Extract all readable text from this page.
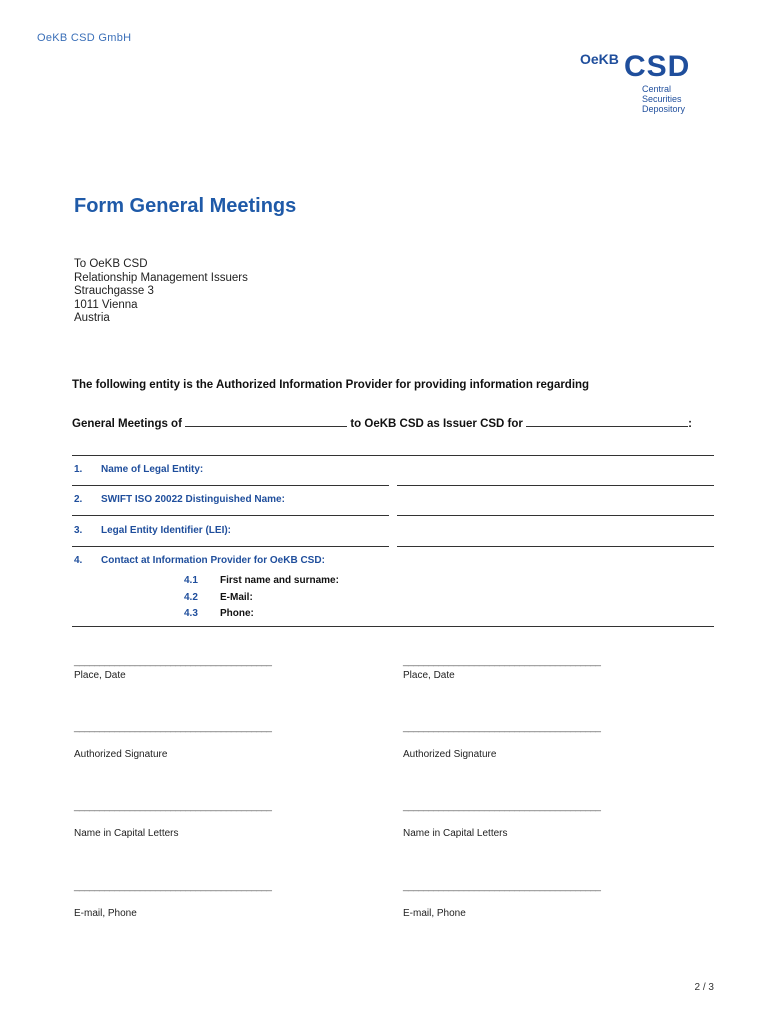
OeKB CSD GmbH
OeKB CSD
Central
Securities
Depository
Form General Meetings
To OeKB CSD
Relationship Management Issuers
Strauchgasse 3
1011 Vienna
Austria
The following entity is the Authorized Information Provider for providing information regarding
General Meetings of	to OeKB CSD as Issuer CSD for	:
1. Name of Legal Entity:
2. SWIFT ISO 20022 Distinguished Name:
3. Legal Entity Identifier (LEI):
4. Contact at Information Provider for OeKB CSD:
4.1 First name and surname:
4.2 E-Mail:
4.3 Phone:
_______________________________________	_______________________________________
Place, Date	Place, Date
_______________________________________	_______________________________________
Authorized Signature	Authorized Signature
_______________________________________	_______________________________________
Name in Capital Letters	Name in Capital Letters
_______________________________________	_______________________________________
E-mail, Phone	E-mail, Phone
2 / 3
